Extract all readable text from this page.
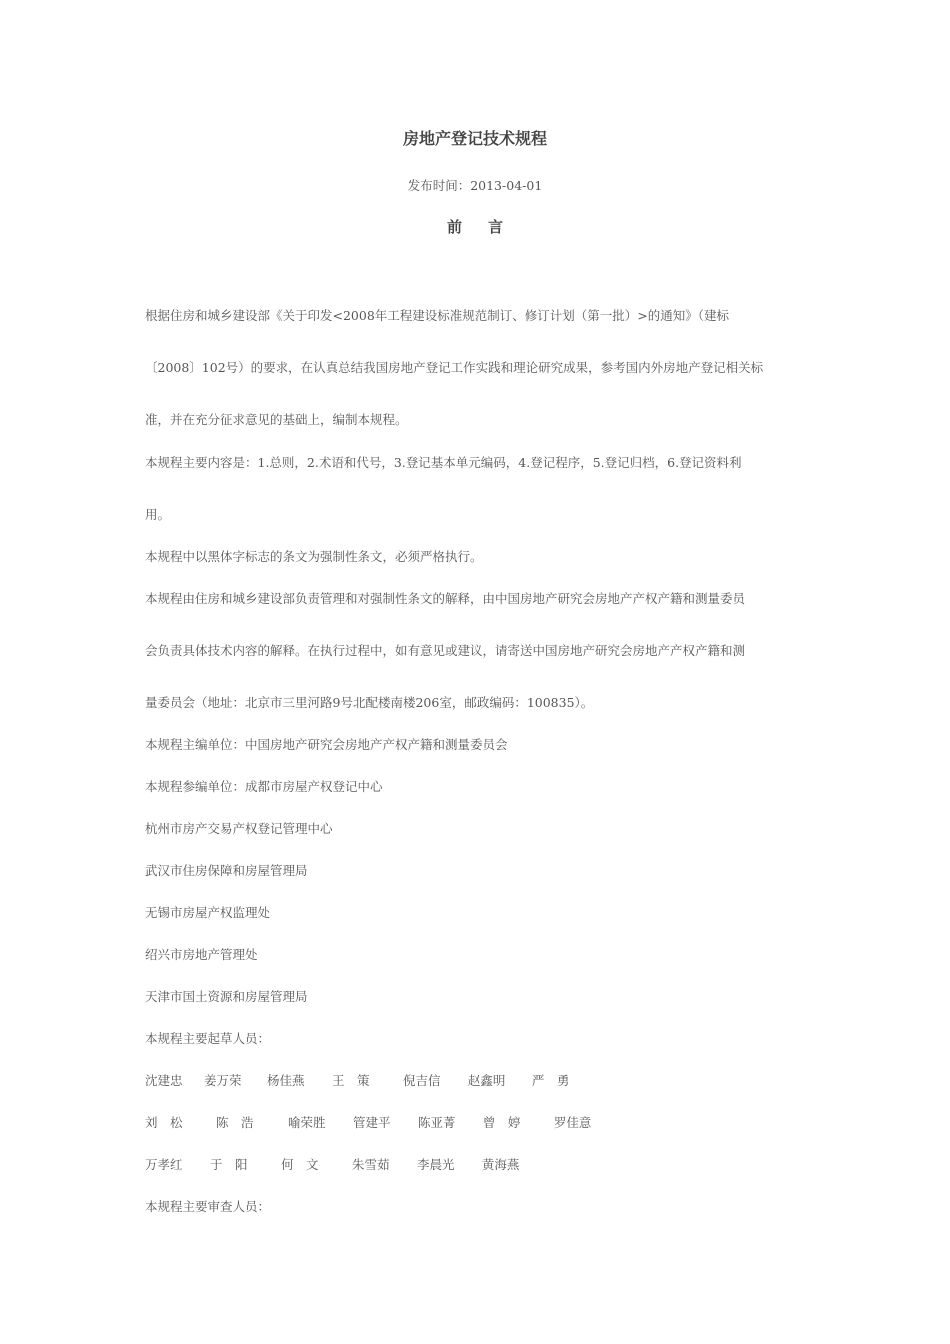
房地产登记技术规程
发布时间：2013-04-01
前言
根据住房和城乡建设部《关于印发<2008年工程建设标准规范制订、修订计划（第一批）>的通知》（建标
〔2008〕102号）的要求，在认真总结我国房地产登记工作实践和理论研究成果，参考国内外房地产登记相关标
准，并在充分征求意见的基础上，编制本规程。
本规程主要内容是：1.总则，2.术语和代号，3.登记基本单元编码，4.登记程序，5.登记归档，6.登记资料利
用。
本规程中以黑体字标志的条文为强制性条文，必须严格执行。
本规程由住房和城乡建设部负责管理和对强制性条文的解释，由中国房地产研究会房地产产权产籍和测量委员
会负责具体技术内容的解释。在执行过程中，如有意见或建议，请寄送中国房地产研究会房地产产权产籍和测
量委员会（地址：北京市三里河路9号北配楼南楼206室，邮政编码：100835）。
本规程主编单位：中国房地产研究会房地产产权产籍和测量委员会
本规程参编单位：成都市房屋产权登记中心
杭州市房产交易产权登记管理中心
武汉市住房保障和房屋管理局
无锡市房屋产权监理处
绍兴市房地产管理处
天津市国土资源和房屋管理局
本规程主要起草人员：
沈建忠 姜万荣 杨佳燕 王　策	倪吉信 赵鑫明 严　勇
刘　松	陈　浩	喻荣胜 管建平 陈亚菁 曾　婷	罗佳意
万孝红 于　阳	何　文	朱雪茹 李晨光 黄海燕
本规程主要审查人员：
